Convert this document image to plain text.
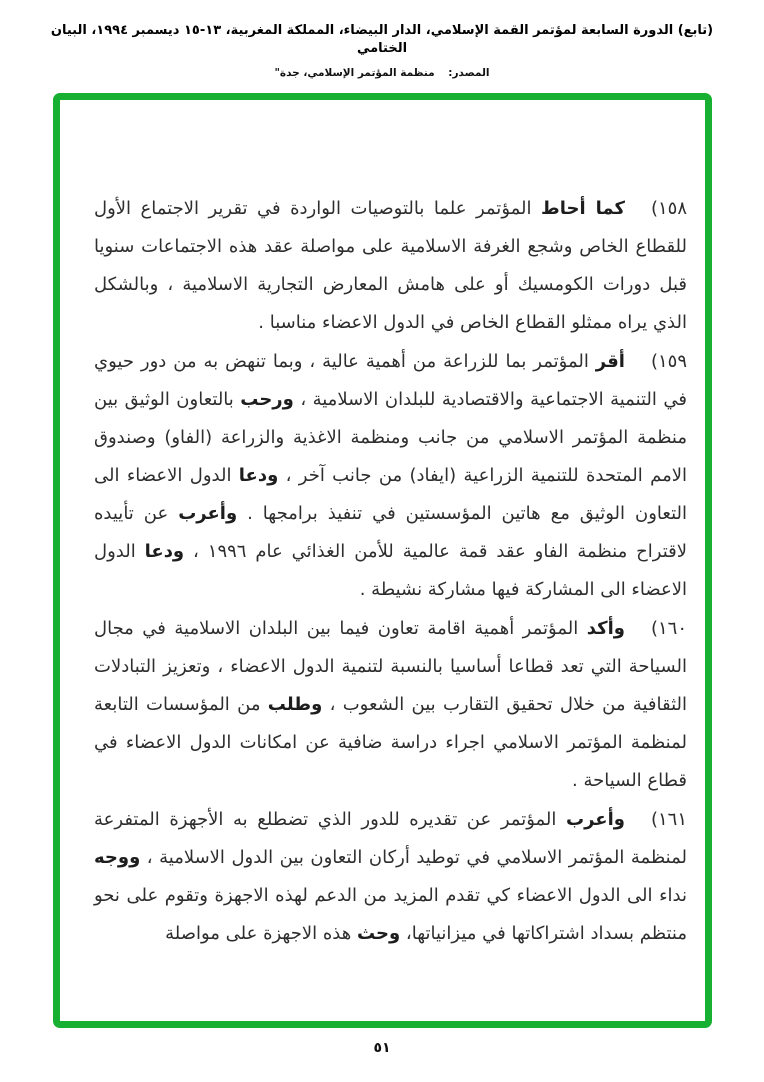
(تابع) الدورة السابعة لمؤتمر القمة الإسلامي، الدار البيضاء، المملكة المغربية، ١٣-١٥ ديسمبر ١٩٩٤، البيان الختامي
المصدر: منظمة المؤتمر الإسلامي، جدة"
١٥٨)كما أحاط المؤتمر علما بالتوصيات الواردة في تقرير الاجتماع الأول للقطاع الخاص وشجع الغرفة الاسلامية على مواصلة عقد هذه الاجتماعات سنويا قبل دورات الكومسيك أو على هامش المعارض التجارية الاسلامية ، وبالشكل الذي يراه ممثلو القطاع الخاص في الدول الاعضاء مناسبا .
١٥٩)أقر المؤتمر بما للزراعة من أهمية عالية ، وبما تنهض به من دور حيوي في التنمية الاجتماعية والاقتصادية للبلدان الاسلامية ، ورحب بالتعاون الوثيق بين منظمة المؤتمر الاسلامي من جانب ومنظمة الاغذية والزراعة (الفاو) وصندوق الامم المتحدة للتنمية الزراعية (ايفاد) من جانب آخر ، ودعا الدول الاعضاء الى التعاون الوثيق مع هاتين المؤسستين في تنفيذ برامجها . وأعرب عن تأييده لاقتراح منظمة الفاو عقد قمة عالمية للأمن الغذائي عام ١٩٩٦ ، ودعا الدول الاعضاء الى المشاركة فيها مشاركة نشيطة .
١٦٠)وأكد المؤتمر أهمية اقامة تعاون فيما بين البلدان الاسلامية في مجال السياحة التي تعد قطاعا أساسيا بالنسبة لتنمية الدول الاعضاء ، وتعزيز التبادلات الثقافية من خلال تحقيق التقارب بين الشعوب ، وطلب من المؤسسات التابعة لمنظمة المؤتمر الاسلامي اجراء دراسة ضافية عن امكانات الدول الاعضاء في قطاع السياحة .
١٦١)وأعرب المؤتمر عن تقديره للدور الذي تضطلع به الأجهزة المتفرعة لمنظمة المؤتمر الاسلامي في توطيد أركان التعاون بين الدول الاسلامية ، ووجه نداء الى الدول الاعضاء كي تقدم المزيد من الدعم لهذه الاجهزة وتقوم على نحو منتظم بسداد اشتراكاتها في ميزانياتها، وحث هذه الاجهزة على مواصلة
٥١
